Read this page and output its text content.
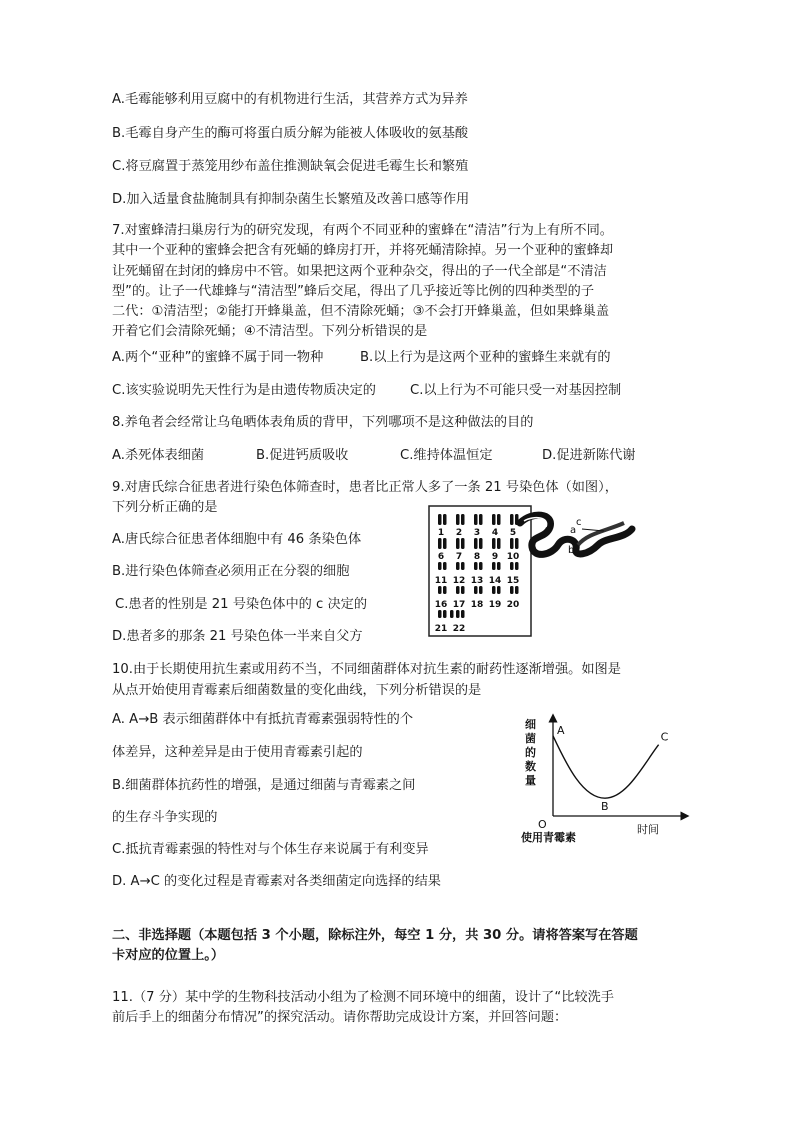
A.毛霉能够利用豆腐中的有机物进行生活，其营养方式为异养
B.毛霉自身产生的酶可将蛋白质分解为能被人体吸收的氨基酸
C.将豆腐置于蒸笼用纱布盖住推测缺氧会促进毛霉生长和繁殖
D.加入适量食盐腌制具有抑制杂菌生长繁殖及改善口感等作用
7.对蜜蜂清扫巢房行为的研究发现，有两个不同亚种的蜜蜂在“清洁”行为上有所不同。
其中一个亚种的蜜蜂会把含有死蛹的蜂房打开，并将死蛹清除掉。另一个亚种的蜜蜂却
让死蛹留在封闭的蜂房中不管。如果把这两个亚种杂交，得出的子一代全部是“不清洁
型”的。让子一代雄蜂与“清洁型”蜂后交尾，得出了几乎接近等比例的四种类型的子
二代：①清洁型；②能打开蜂巢盖，但不清除死蛹；③不会打开蜂巢盖，但如果蜂巢盖
开着它们会清除死蛹；④不清洁型。下列分析错误的是
A.两个“亚种”的蜜蜂不属于同一物种	B.以上行为是这两个亚种的蜜蜂生来就有的
C.该实验说明先天性行为是由遗传物质决定的	C.以上行为不可能只受一对基因控制
8.养龟者会经常让乌龟晒体表角质的背甲，下列哪项不是这种做法的目的
A.杀死体表细菌	B.促进钙质吸收	C.维持体温恒定	D.促进新陈代谢
9.对唐氏综合征患者进行染色体筛查时，患者比正常人多了一条 21 号染色体（如图），
下列分析正确的是
A.唐氏综合征患者体细胞中有 46 条染色体
B.进行染色体筛查必须用正在分裂的细胞
C.患者的性别是 21 号染色体中的 c 决定的
D.患者多的那条 21 号染色体一半来自父方
1 2 3 4 5
6 7 8 9 10
11 12 13 14 15
16 17 18 19 20
21 22
a
b
c
10.由于长期使用抗生素或用药不当，不同细菌群体对抗生素的耐药性逐渐增强。如图是
从点开始使用青霉素后细菌数量的变化曲线，下列分析错误的是
A. A→B 表示细菌群体中有抵抗青霉素强弱特性的个
体差异，这种差异是由于使用青霉素引起的
B.细菌群体抗药性的增强，是通过细菌与青霉素之间
的生存斗争实现的
C.抵抗青霉素强的特性对与个体生存来说属于有利变异
D. A→C 的变化过程是青霉素对各类细菌定向选择的结果
细菌的数量
O
使用青霉素
时间
A
B
C
二、非选择题（本题包括 3 个小题，除标注外，每空 1 分，共 30 分。请将答案写在答题
卡对应的位置上。）
11.（7 分）某中学的生物科技活动小组为了检测不同环境中的细菌，设计了“比较洗手
前后手上的细菌分布情况”的探究活动。请你帮助完成设计方案，并回答问题：
